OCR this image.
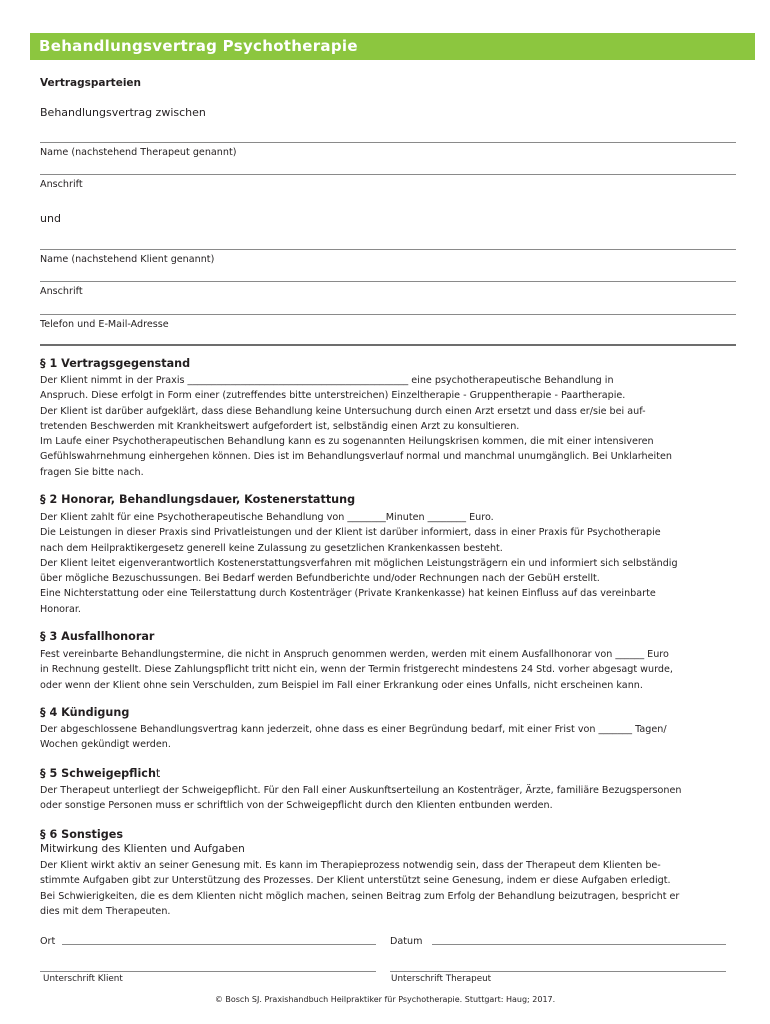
Behandlungsvertrag Psychotherapie
Vertragsparteien
Behandlungsvertrag zwischen
Name (nachstehend Therapeut genannt)
Anschrift
und
Name (nachstehend Klient genannt)
Anschrift
Telefon und E-Mail-Adresse
§ 1 Vertragsgegenstand

Der Klient nimmt in der Praxis ______________________________________________ eine psychotherapeutische Behandlung in

Anspruch. Diese erfolgt in Form einer (zutreffendes bitte unterstreichen) Einzeltherapie - Gruppentherapie - Paartherapie.

Der Klient ist darüber aufgeklärt, dass diese Behandlung keine Untersuchung durch einen Arzt ersetzt und dass er/sie bei auf-

tretenden Beschwerden mit Krankheitswert aufgefordert ist, selbständig einen Arzt zu konsultieren.

Im Laufe einer Psychotherapeutischen Behandlung kann es zu sogenannten Heilungskrisen kommen, die mit einer intensiveren

Gefühlswahrnehmung einhergehen können. Dies ist im Behandlungsverlauf normal und manchmal unumgänglich. Bei Unklarheiten

fragen Sie bitte nach.

§ 2 Honorar, Behandlungsdauer, Kostenerstattung

Der Klient zahlt für eine Psychotherapeutische Behandlung von ________Minuten ________ Euro.

Die Leistungen in dieser Praxis sind Privatleistungen und der Klient ist darüber informiert, dass in einer Praxis für Psychotherapie

nach dem Heilpraktikergesetz generell keine Zulassung zu gesetzlichen Krankenkassen besteht.

Der Klient leitet eigenverantwortlich Kostenerstattungsverfahren mit möglichen Leistungsträgern ein und informiert sich selbständig

über mögliche Bezuschussungen. Bei Bedarf werden Befundberichte und/oder Rechnungen nach der GebüH erstellt.

Eine Nichterstattung oder eine Teilerstattung durch Kostenträger (Private Krankenkasse) hat keinen Einfluss auf das vereinbarte

Honorar.

§ 3 Ausfallhonorar

Fest vereinbarte Behandlungstermine, die nicht in Anspruch genommen werden, werden mit einem Ausfallhonorar von ______ Euro

in Rechnung gestellt. Diese Zahlungspflicht tritt nicht ein, wenn der Termin fristgerecht mindestens 24 Std. vorher abgesagt wurde,

oder wenn der Klient ohne sein Verschulden, zum Beispiel im Fall einer Erkrankung oder eines Unfalls, nicht erscheinen kann.

§ 4 Kündigung

Der abgeschlossene Behandlungsvertrag kann jederzeit, ohne dass es einer Begründung bedarf, mit einer Frist von _______ Tagen/

Wochen gekündigt werden.

§ 5 Schweigepflicht

Der Therapeut unterliegt der Schweigepflicht. Für den Fall einer Auskunftserteilung an Kostenträger, Ärzte, familiäre Bezugspersonen

oder sonstige Personen muss er schriftlich von der Schweigepflicht durch den Klienten entbunden werden.

§ 6 Sonstiges
Mitwirkung des Klienten und Aufgaben

Der Klient wirkt aktiv an seiner Genesung mit. Es kann im Therapieprozess notwendig sein, dass der Therapeut dem Klienten be-

stimmte Aufgaben gibt zur Unterstützung des Prozesses. Der Klient unterstützt seine Genesung, indem er diese Aufgaben erledigt.

Bei Schwierigkeiten, die es dem Klienten nicht möglich machen, seinen Beitrag zum Erfolg der Behandlung beizutragen, bespricht er

dies mit dem Therapeuten.

Ort	Datum
Unterschrift Klient	Unterschrift Therapeut
© Bosch SJ. Praxishandbuch Heilpraktiker für Psychotherapie. Stuttgart: Haug; 2017.
